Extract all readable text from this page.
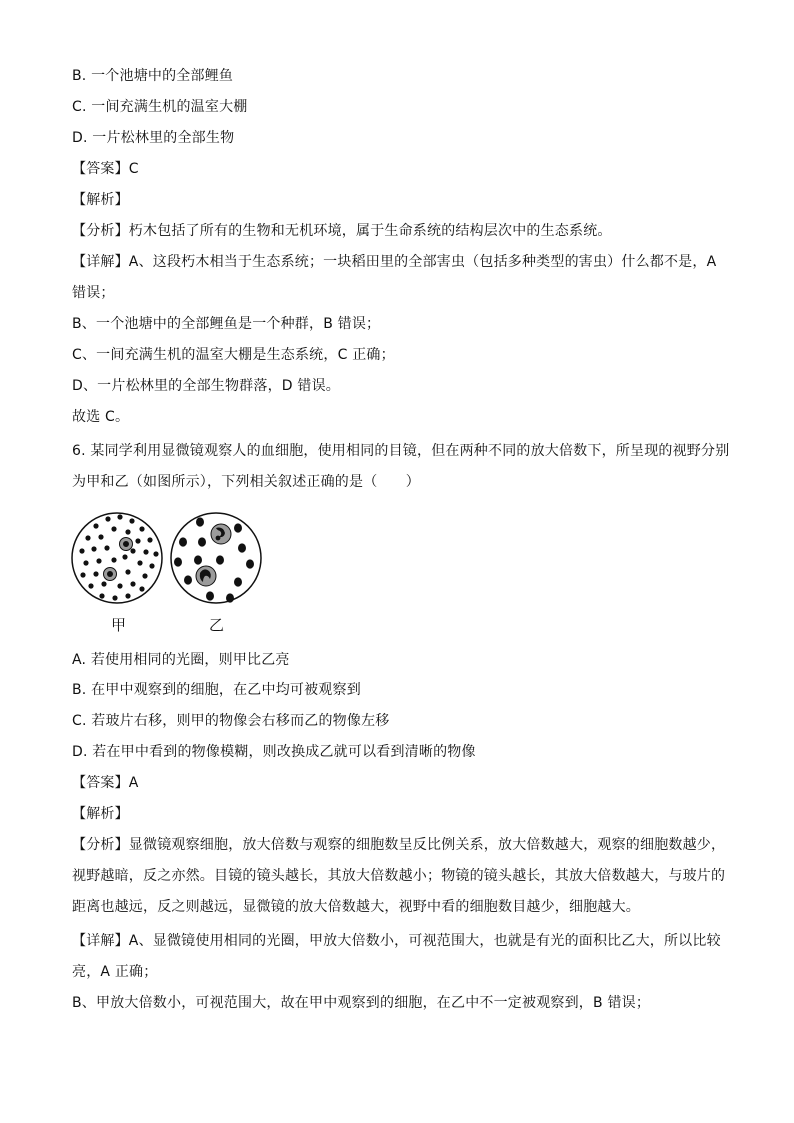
B. 一个池塘中的全部鲤鱼
C. 一间充满生机的温室大棚
D. 一片松林里的全部生物
【答案】C
【解析】
【分析】朽木包括了所有的生物和无机环境，属于生命系统的结构层次中的生态系统。
【详解】A、这段朽木相当于生态系统；一块稻田里的全部害虫（包括多种类型的害虫）什么都不是，A
错误；
B、一个池塘中的全部鲤鱼是一个种群，B 错误；
C、一间充满生机的温室大棚是生态系统，C 正确；
D、一片松林里的全部生物群落，D 错误。
故选 C。
6. 某同学利用显微镜观察人的血细胞，使用相同的目镜，但在两种不同的放大倍数下，所呈现的视野分别
为甲和乙（如图所示），下列相关叙述正确的是（　　）
甲	乙
A. 若使用相同的光圈，则甲比乙亮
B. 在甲中观察到的细胞，在乙中均可被观察到
C. 若玻片右移，则甲的物像会右移而乙的物像左移
D. 若在甲中看到的物像模糊，则改换成乙就可以看到清晰的物像
【答案】A
【解析】
【分析】显微镜观察细胞，放大倍数与观察的细胞数呈反比例关系，放大倍数越大，观察的细胞数越少，
视野越暗，反之亦然。目镜的镜头越长，其放大倍数越小；物镜的镜头越长，其放大倍数越大，与玻片的
距离也越远，反之则越远，显微镜的放大倍数越大，视野中看的细胞数目越少，细胞越大。
【详解】A、显微镜使用相同的光圈，甲放大倍数小，可视范围大，也就是有光的面积比乙大，所以比较
亮，A 正确；
B、甲放大倍数小，可视范围大，故在甲中观察到的细胞，在乙中不一定被观察到，B 错误；
